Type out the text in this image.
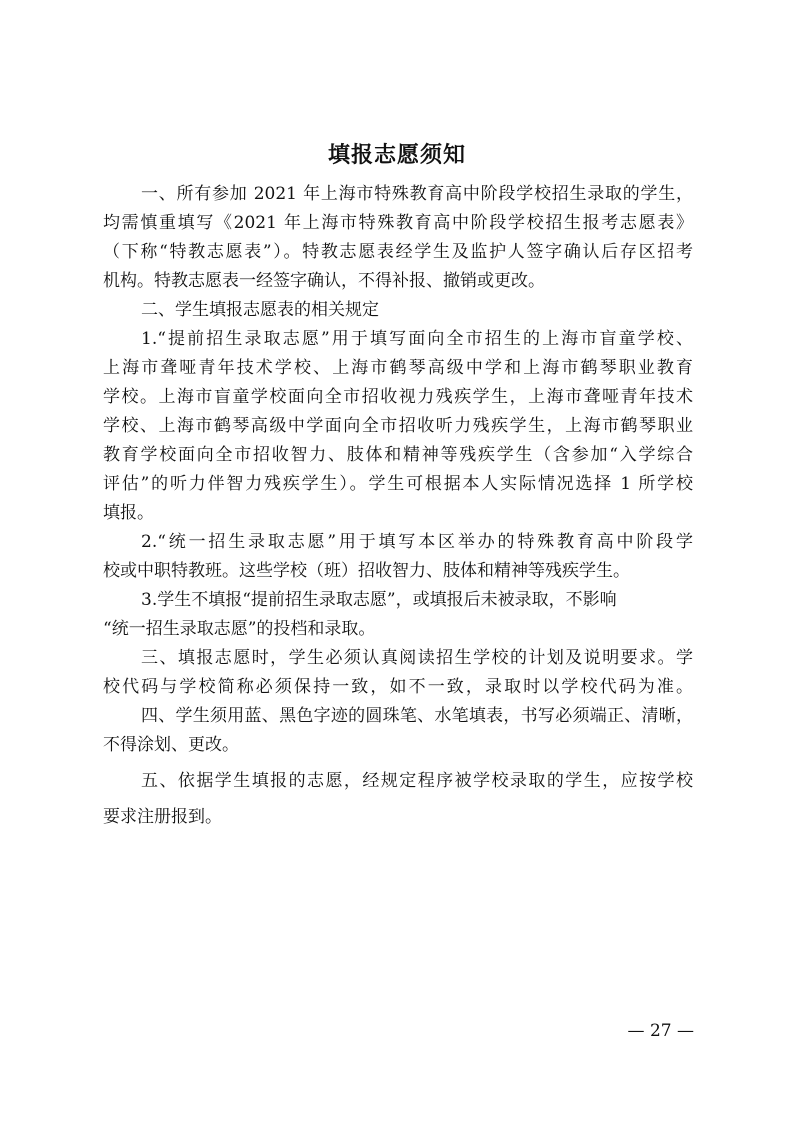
填报志愿须知
一、所有参加 2021 年上海市特殊教育高中阶段学校招生录取的学生，
均需慎重填写《2021 年上海市特殊教育高中阶段学校招生报考志愿表》
（下称“特教志愿表”）。特教志愿表经学生及监护人签字确认后存区招考
机构。特教志愿表一经签字确认，不得补报、撤销或更改。
二、学生填报志愿表的相关规定
1.“提前招生录取志愿”用于填写面向全市招生的上海市盲童学校、
上海市聋哑青年技术学校、上海市鹤琴高级中学和上海市鹤琴职业教育
学校。上海市盲童学校面向全市招收视力残疾学生，上海市聋哑青年技术
学校、上海市鹤琴高级中学面向全市招收听力残疾学生，上海市鹤琴职业
教育学校面向全市招收智力、肢体和精神等残疾学生（含参加“入学综合
评估”的听力伴智力残疾学生）。学生可根据本人实际情况选择 1 所学校
填报。
2.“统一招生录取志愿”用于填写本区举办的特殊教育高中阶段学
校或中职特教班。这些学校（班）招收智力、肢体和精神等残疾学生。
3.学生不填报“提前招生录取志愿”，或填报后未被录取，不影响
“统一招生录取志愿”的投档和录取。
三、填报志愿时，学生必须认真阅读招生学校的计划及说明要求。学
校代码与学校简称必须保持一致，如不一致，录取时以学校代码为准。
四、学生须用蓝、黑色字迹的圆珠笔、水笔填表，书写必须端正、清晰，
不得涂划、更改。
五、依据学生填报的志愿，经规定程序被学校录取的学生，应按学校
要求注册报到。
— 27 —
